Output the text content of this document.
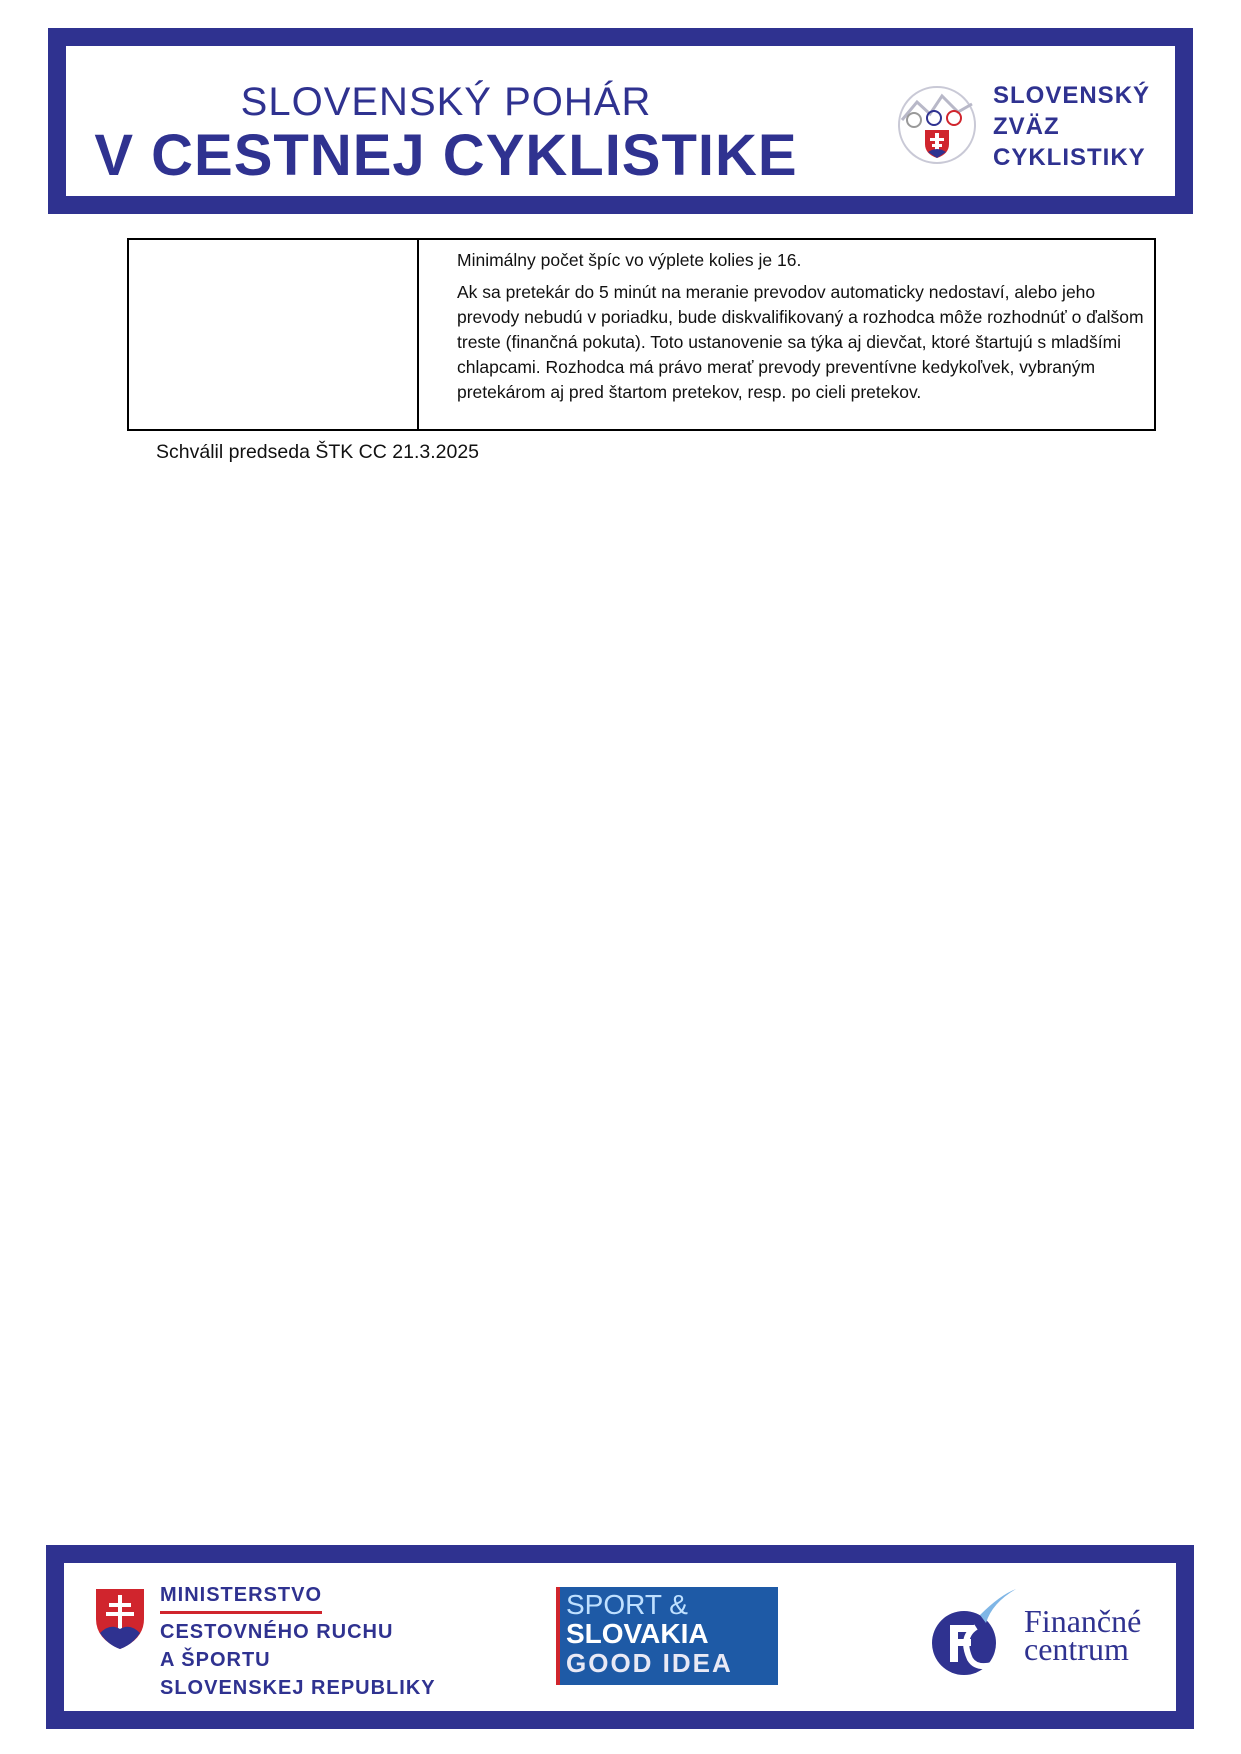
SLOVENSKÝ POHÁR
V CESTNEJ CYKLISTIKE
SLOVENSKÝ
ZVÄZ
CYKLISTIKY

Minimálny počet špíc vo výplete kolies je 16.

Ak sa pretekár do 5 minút na meranie prevodov automaticky nedostaví, alebo jeho prevody nebudú v poriadku, bude diskvalifikovaný a rozhodca môže rozhodnúť o ďalšom treste (finančná pokuta). Toto ustanovenie sa týka aj dievčat, ktoré štartujú s mladšími chlapcami. Rozhodca má právo merať prevody preventívne kedykoľvek, vybraným pretekárom aj pred štartom pretekov, resp. po cieli pretekov.

Schválil predseda ŠTK CC 21.3.2025
MINISTERSTVO
CESTOVNÉHO RUCHU
A ŠPORTU
SLOVENSKEJ REPUBLIKY
SPORT &
SLOVAKIA
GOOD IDEA
Finančné
centrum
